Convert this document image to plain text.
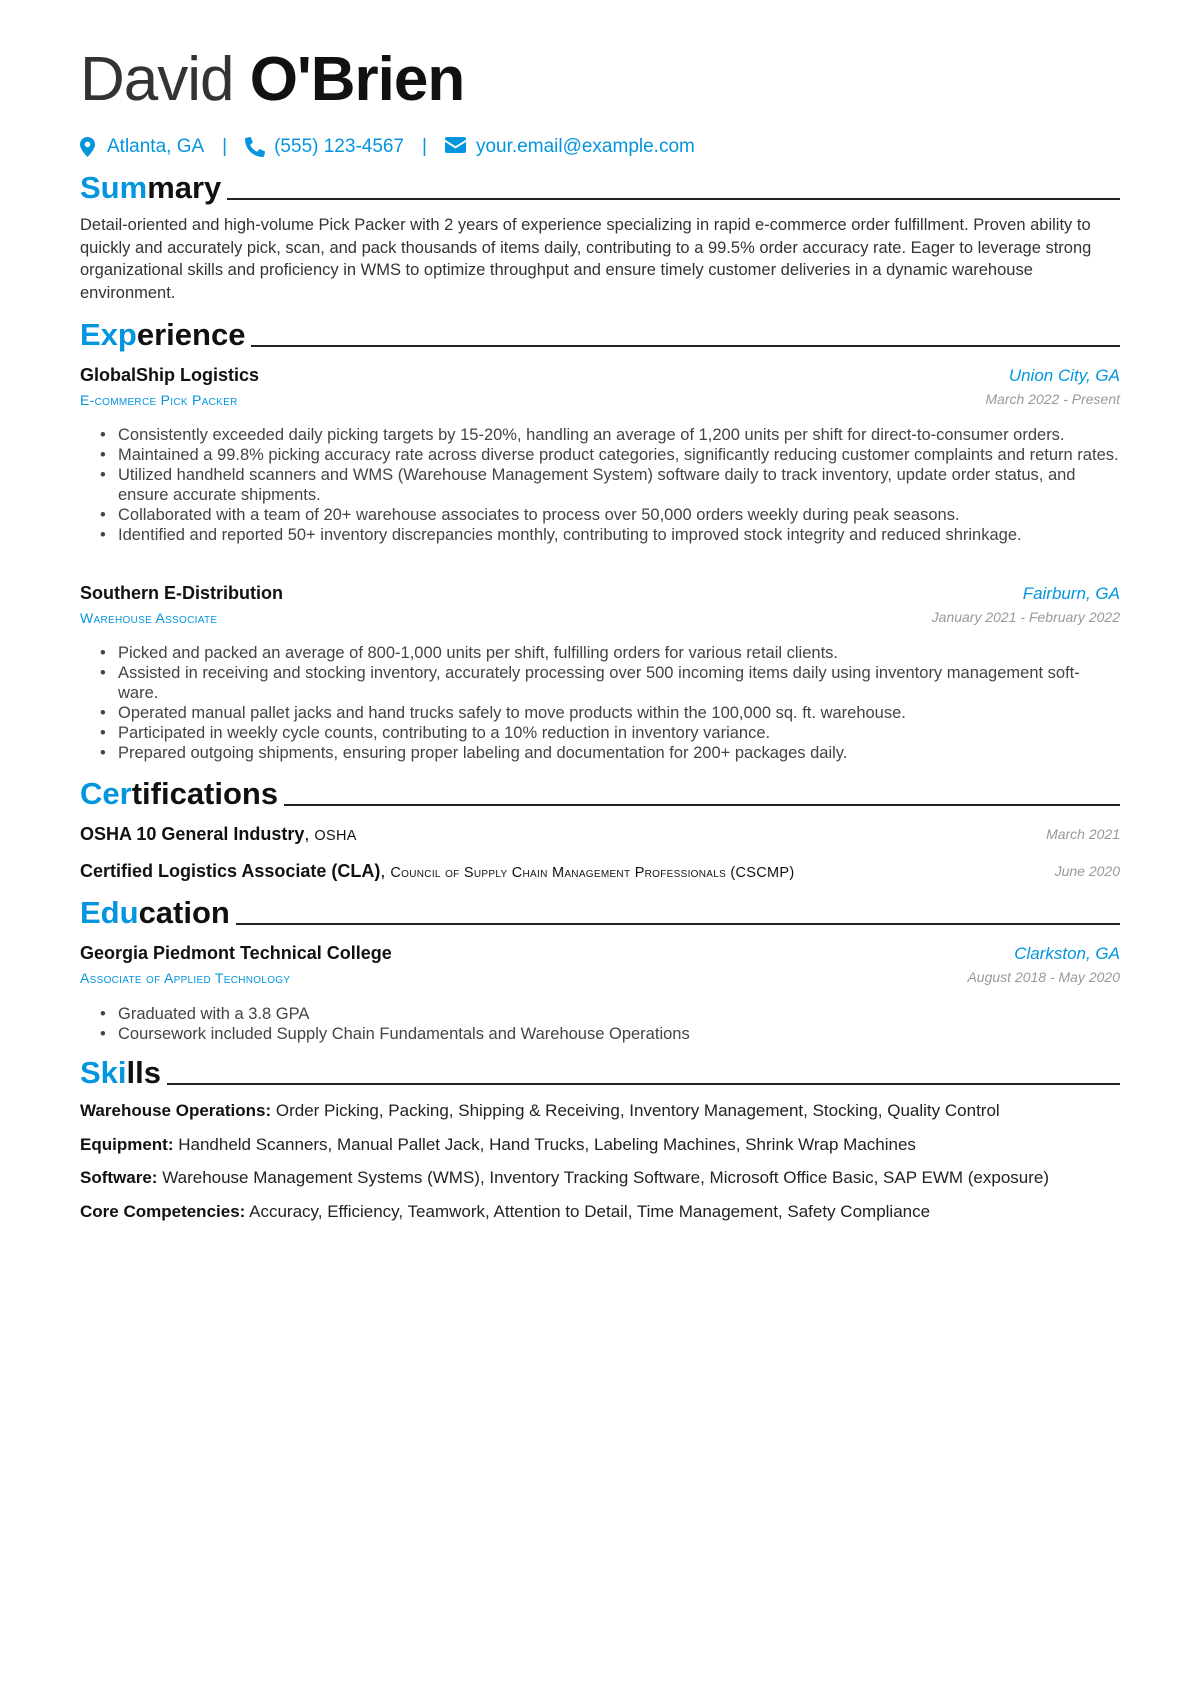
David O'Brien
Atlanta, GA | (555) 123-4567 |	your.email@example.com
Summary

Detail-oriented and high-volume Pick Packer with 2 years of experience specializing in rapid e-commerce order fulfillment. Proven ability to quickly and accurately pick, scan, and pack thousands of items daily, contributing to a 99.5% order accuracy rate. Eager to leverage strong organizational skills and proficiency in WMS to optimize throughput and ensure timely customer deliveries in a dynamic warehouse environment.

Experience
GlobalShip Logistics	Union City, GA
E-commerce Pick Packer	March 2022 - Present
• Consistently exceeded daily picking targets by 15-20%, handling an average of 1,200 units per shift for direct-to-consumer orders.
• Maintained a 99.8% picking accuracy rate across diverse product categories, significantly reducing customer complaints and return rates.
• Utilized handheld scanners and WMS (Warehouse Management System) software daily to track inventory, update order status, and ensure accurate shipments.
• Collaborated with a team of 20+ warehouse associates to process over 50,000 orders weekly during peak seasons.
• Identified and reported 50+ inventory discrepancies monthly, contributing to improved stock integrity and reduced shrinkage.
Southern E-Distribution	Fairburn, GA
Warehouse Associate	January 2021 - February 2022
• Picked and packed an average of 800-1,000 units per shift, fulfilling orders for various retail clients.
• Assisted in receiving and stocking inventory, accurately processing over 500 incoming items daily using inventory management soft-ware.
• Operated manual pallet jacks and hand trucks safely to move products within the 100,000 sq. ft. warehouse.
• Participated in weekly cycle counts, contributing to a 10% reduction in inventory variance.
• Prepared outgoing shipments, ensuring proper labeling and documentation for 200+ packages daily.
Certifications
OSHA 10 General Industry, OSHA	March 2021
Certified Logistics Associate (CLA), Council of Supply Chain Management Professionals (CSCMP)	June 2020
Education
Georgia Piedmont Technical College	Clarkston, GA
Associate of Applied Technology	August 2018 - May 2020
• Graduated with a 3.8 GPA
• Coursework included Supply Chain Fundamentals and Warehouse Operations
Skills
Warehouse Operations: Order Picking, Packing, Shipping & Receiving, Inventory Management, Stocking, Quality Control
Equipment: Handheld Scanners, Manual Pallet Jack, Hand Trucks, Labeling Machines, Shrink Wrap Machines
Software: Warehouse Management Systems (WMS), Inventory Tracking Software, Microsoft Office Basic, SAP EWM (exposure)
Core Competencies: Accuracy, Efficiency, Teamwork, Attention to Detail, Time Management, Safety Compliance
